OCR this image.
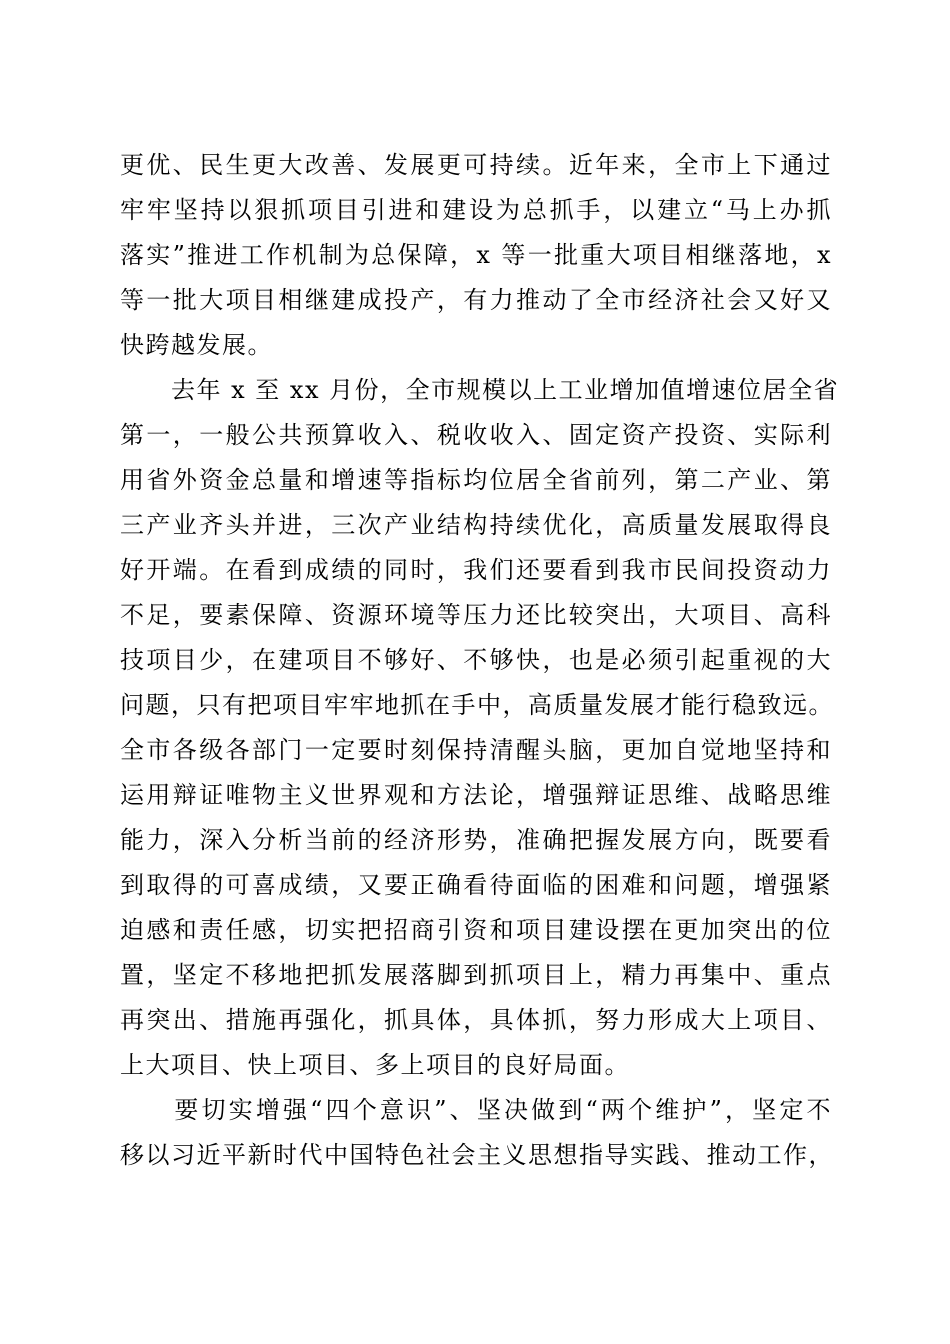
更优、民生更大改善、发展更可持续。近年来，全市上下通过
牢牢坚持以狠抓项目引进和建设为总抓手，以建立“马上办抓
落实”推进工作机制为总保障，x 等一批重大项目相继落地，x
等一批大项目相继建成投产，有力推动了全市经济社会又好又
快跨越发展。
　　去年 x 至 xx 月份，全市规模以上工业增加值增速位居全省
第一，一般公共预算收入、税收收入、固定资产投资、实际利
用省外资金总量和增速等指标均位居全省前列，第二产业、第
三产业齐头并进，三次产业结构持续优化，高质量发展取得良
好开端。在看到成绩的同时，我们还要看到我市民间投资动力
不足，要素保障、资源环境等压力还比较突出，大项目、高科
技项目少，在建项目不够好、不够快，也是必须引起重视的大
问题，只有把项目牢牢地抓在手中，高质量发展才能行稳致远。
全市各级各部门一定要时刻保持清醒头脑，更加自觉地坚持和
运用辩证唯物主义世界观和方法论，增强辩证思维、战略思维
能力，深入分析当前的经济形势，准确把握发展方向，既要看
到取得的可喜成绩，又要正确看待面临的困难和问题，增强紧
迫感和责任感，切实把招商引资和项目建设摆在更加突出的位
置，坚定不移地把抓发展落脚到抓项目上，精力再集中、重点
再突出、措施再强化，抓具体，具体抓，努力形成大上项目、
上大项目、快上项目、多上项目的良好局面。
　　要切实增强“四个意识”、坚决做到“两个维护”，坚定不
移以习近平新时代中国特色社会主义思想指导实践、推动工作，
